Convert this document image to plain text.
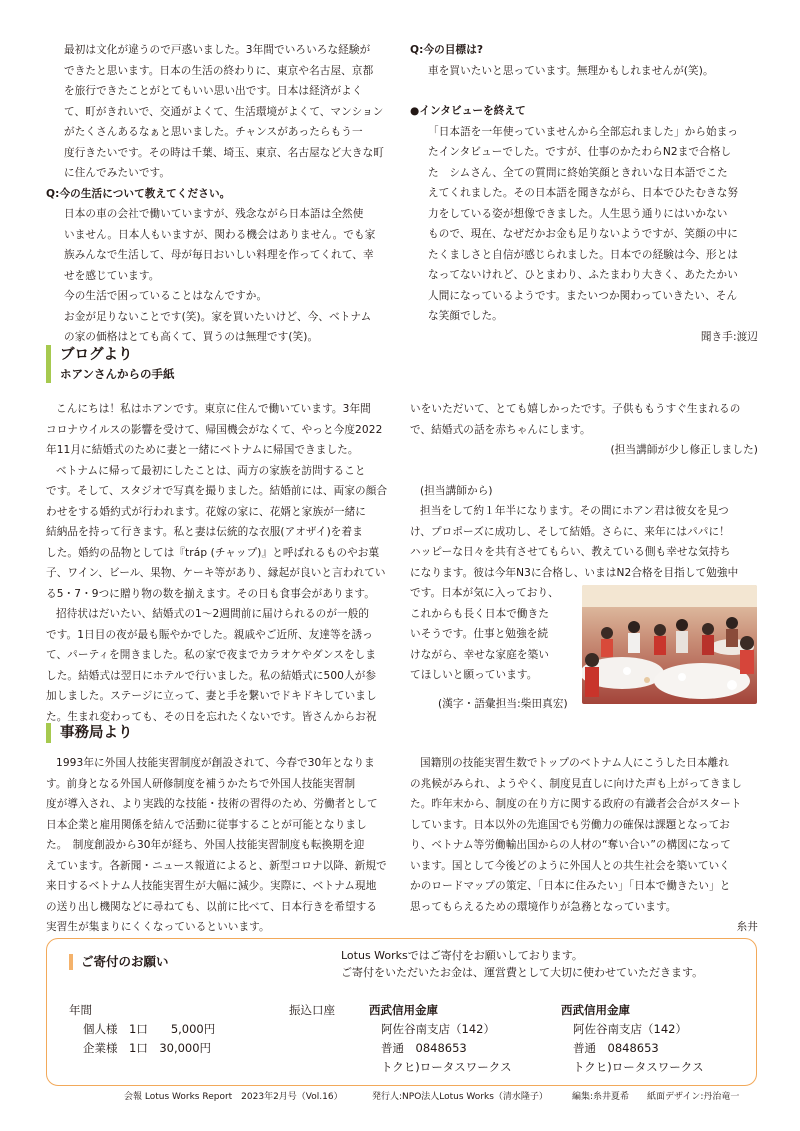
最初は文化が違うので戸惑いました。3年間でいろいろな経験が

できたと思います。日本の生活の終わりに、東京や名古屋、京都

を旅行できたことがとてもいい思い出です。日本は経済がよく

て、町がきれいで、交通がよくて、生活環境がよくて、マンション

がたくさんあるなぁと思いました。チャンスがあったらもう一

度行きたいです。その時は千葉、埼玉、東京、名古屋など大きな町

に住んでみたいです。

Q:今の生活について教えてください。

日本の車の会社で働いていますが、残念ながら日本語は全然使

いません。日本人もいますが、関わる機会はありません。でも家

族みんなで生活して、母が毎日おいしい料理を作ってくれて、幸

せを感じています。

今の生活で困っていることはなんですか。

お金が足りないことです(笑)。家を買いたいけど、今、ベトナム

の家の価格はとても高くて、買うのは無理です(笑)。

Q:今の目標は?

車を買いたいと思っています。無理かもしれませんが(笑)。

●インタビューを終えて

「日本語を一年使っていませんから全部忘れました」から始まっ

たインタビューでした。ですが、仕事のかたわらN2まで合格し

た　シムさん、全ての質問に終始笑顔ときれいな日本語でこた

えてくれました。その日本語を聞きながら、日本でひたむきな努

力をしている姿が想像できました。人生思う通りにはいかない

もので、現在、なぜだかお金も足りないようですが、笑顔の中に

たくましさと自信が感じられました。日本での経験は今、形とは

なってないけれど、ひとまわり、ふたまわり大きく、あたたかい

人間になっているようです。またいつか関わっていきたい、そん

な笑顔でした。

聞き手:渡辺

ブログより
ホアンさんからの手紙

こんにちは！私はホアンです。東京に住んで働いています。3年間

コロナウイルスの影響を受けて、帰国機会がなくて、やっと今度2022

年11月に結婚式のために妻と一緒にベトナムに帰国できました。

ベトナムに帰って最初にしたことは、両方の家族を訪問すること

です。そして、スタジオで写真を撮りました。結婚前には、両家の顔合

わせをする婚約式が行われます。花嫁の家に、花婿と家族が一緒に

結納品を持って行きます。私と妻は伝統的な衣服(アオザイ)を着ま

した。婚約の品物としては『tráp (チャップ)』と呼ばれるものやお菓

子、ワイン、ビール、果物、ケーキ等があり、縁起が良いと言われてい

る5・7・9つに贈り物の数を揃えます。その日も食事会があります。

招待状はだいたい、結婚式の1～2週間前に届けられるのが一般的

です。1日目の夜が最も賑やかでした。親戚やご近所、友達等を誘っ

て、パーティを開きました。私の家で夜までカラオケやダンスをしま

した。結婚式は翌日にホテルで行いました。私の結婚式に500人が参

加しました。ステージに立って、妻と手を繋いでドキドキしていまし

た。生まれ変わっても、その日を忘れたくないです。皆さんからお祝

いをいただいて、とても嬉しかったです。子供ももうすぐ生まれるの

で、結婚式の話を赤ちゃんにします。

(担当講師が少し修正しました)

(担当講師から)

担当をして約１年半になります。その間にホアン君は彼女を見つ

け、プロポーズに成功し、そして結婚。さらに、来年にはパパに！

ハッピーな日々を共有させてもらい、教えている側も幸せな気持ち

になります。彼は今年N3に合格し、いまはN2合格を目指して勉強中

です。日本が気に入っており、

これからも長く日本で働きた

いそうです。仕事と勉強を続

けながら、幸せな家庭を築い

てほしいと願っています。

(漢字・語彙担当:柴田真宏)

事務局より

1993年に外国人技能実習制度が創設されて、今春で30年となりま

す。前身となる外国人研修制度を補うかたちで外国人技能実習制

度が導入され、より実践的な技能・技術の習得のため、労働者として

日本企業と雇用関係を結んで活動に従事することが可能となりまし

た。　制度創設から30年が経ち、外国人技能実習制度も転換期を迎

えています。各新聞・ニュース報道によると、新型コロナ以降、新規で

来日するベトナム人技能実習生が大幅に減少。実際に、ベトナム現地

の送り出し機関などに尋ねても、以前に比べて、日本行きを希望する

実習生が集まりにくくなっているといいます。

国籍別の技能実習生数でトップのベトナム人にこうした日本離れ

の兆候がみられ、ようやく、制度見直しに向けた声も上がってきまし

た。昨年末から、制度の在り方に関する政府の有識者会合がスタート

しています。日本以外の先進国でも労働力の確保は課題となってお

り、ベトナム等労働輸出国からの人材の“奪い合い”の構図になって

います。国として今後どのように外国人との共生社会を築いていく

かのロードマップの策定、「日本に住みたい」「日本で働きたい」と

思ってもらえるための環境作りが急務となっています。

糸井

ご寄付のお願い	Lotus Worksではご寄付をお願いしております。
ご寄付をいただいたお金は、運営費として大切に使わせていただきます。
年間
個人様　1口　　5,000円
企業様　1口　30,000円
振込口座	西武信用金庫
阿佐谷南支店（142）
普通　0848653
トクヒ)ロータスワークス
西武信用金庫
阿佐谷南支店（142）
普通　0848653
トクヒ)ロータスワークス
会報 Lotus Works Report　2023年2月号（Vol.16）	発行人:NPO法人Lotus Works（清水隆子）	編集:糸井夏希 紙面デザイン:丹治竜一
